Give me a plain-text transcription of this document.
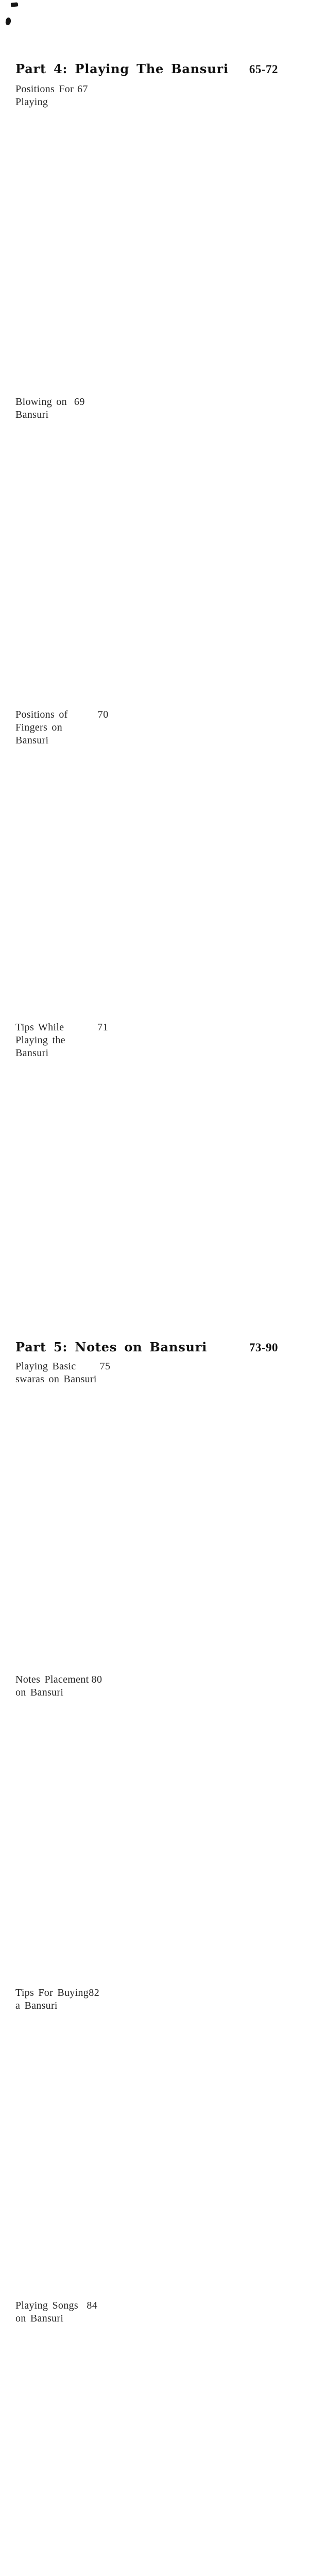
Part 4: Playing The Bansuri 65-72
Positions For Playing
67
Blowing on Bansuri
69
Positions of Fingers on Bansuri
70
Tips While Playing the Bansuri
71
Part 5: Notes on Bansuri	73-90
Playing Basic swaras on Bansuri
75
Notes Placement on Bansuri
80
Tips For Buying a Bansuri
82
Playing Songs on Bansuri
84
